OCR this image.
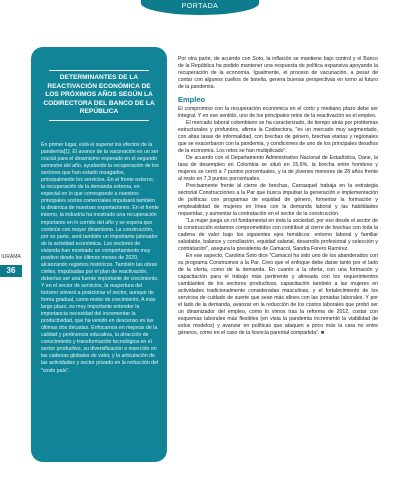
PORTADA
IURAMA
36
DETERMINANTES DE LA REACTIVACIÓN ECONÓMICA DE LOS PRÓXIMOS AÑOS SEGÚN LA CODIRECTORA DEL BANCO DE LA REPÚBLICA

En primer lugar, está el superar los efectos de la pandemia[1]. El avance de la vacunación es un ser crucial para el dinamismo esperado en el segundo semestre del año, ayudando la recuperación de los sectores que han estado rezagados, principalmente los servicios. En el frente externo, la recuperación de la demanda externa, en especial en lo que corresponde a nuestros principales socios comerciales impulsará también la dinámica de nuestras exportaciones. En el frente interno, la industria ha mostrado una recuperación importante en lo corrido del año y se espera que continúe con mayor dinamismo. La construcción, por su parte, será también un importante jalonador de la actividad económica. Los sectores de vivienda han mostrado un comportamiento muy positivo desde los últimos meses de 2020, alcanzando registros históricos. También las obras civiles, impulsadas por el plan de reactivación, deberían ser una fuente importante de crecimiento. Y en el sector de servicios, la reapertura del turismo volverá a posicionar el sector, aunque de forma gradual, como motor de crecimiento. A más largo plazo, es muy importante entender la importancia necesidad del incrementar la productividad, que ha venido en descenso en las últimas dos décadas. Enfocarnos en mejoras de la calidad y pertinencia educativa, la atracción de conocimiento y transformación tecnológica en el sector productivo, su diversificación e inserción en las cadenas globales de valor, y la articulación de las actividades y sector privado en la reducción del "costo país".

Por otra parte, de acuerdo con Soto, la inflación se mantiene bajo control y el Banco de la República ha podido mantener una respuesta de política expansiva apoyando la recuperación de la economía. Igualmente, el proceso de vacunación, a pesar de contar con algunos cuellos de botella, genera buenas perspectivas en torno al futuro de la pandemia.

Empleo

El compromiso con la recuperación económica en el corto y mediano plazo debe ser integral. Y en ese sentido, uno de los principales retos de la reactivación es el empleo.

El mercado laboral colombiano se ha caracterizado, de tiempo atrás por problemas estructurales y profundos, afirma la Codirectora, "es un mercado muy segmentado, con altas tasas de informalidad, con brechas de género, brechas etarias y regionales que se exacerbaron con la pandemia, y condiciones de uno de los principales desafíos de la economía. Los retos se han multiplicado".

De acuerdo con el Departamento Administrativo Nacional de Estadística, Dane, la tasa de desempleo en Colombia se situó en 15,6%, la brecha entre hombres y mujeres se cerró a 7 puntos porcentuales, y la de jóvenes menores de 28 años frente al resto en 7,3 puntos porcentuales.

Precisamente frente al cierre de brechas, Carrasquel trabaja en la estrategia sectorial Construcciones a la Par que busca impulsar la generación e implementación de políticas con programas de equidad de género, fomentar la formación y empleabilidad de mujeres en línea con la demanda laboral y las habilidades requeridas, y aumentar la contratación en el sector de la construcción.

"La mujer juega un rol fundamental en toda la sociedad, por eso desde el sector de la construcción estamos comprometidos con contribuir al cierre de brechas con toda la cadena de valor bajo los siguientes ejes temáticos: entorno laboral y familiar saludable, balance y conciliación, equidad salarial, desarrollo profesional y selección y contratación", asegura la presidenta de Camacol, Sandra Forero Ramírez.

En ese aspecto, Carolina Soto dice "Camacol ha sido uno de los abanderados con su programa Construimos a la Par. Creo que el enfoque debe darse tanto por el lado de la oferta, como de la demanda. En cuanto a la oferta, con una formación y capacitación para el trabajo más pertinente y alineada con los requerimientos cambiantes de los sectores productivos, capacitación también a las mujeres en actividades tradicionalmente consideradas masculinas, y el fortalecimiento de los servicios de cuidado de suerte que sean más afines con las jornadas laborales. Y por el lado de la demanda, avanzar en la reducción de los costos laborales que probó ser un dinamizador del empleo, como lo vimos tras la reforma de 2012, costar con esquemas laborales más flexibles (en vista la pandemia incrementó la viabilidad de estos modelos) y avanzar en políticas que ataquen a poco más la cara no entre géneros, como en el caso de la licencia parental compartida". ■
